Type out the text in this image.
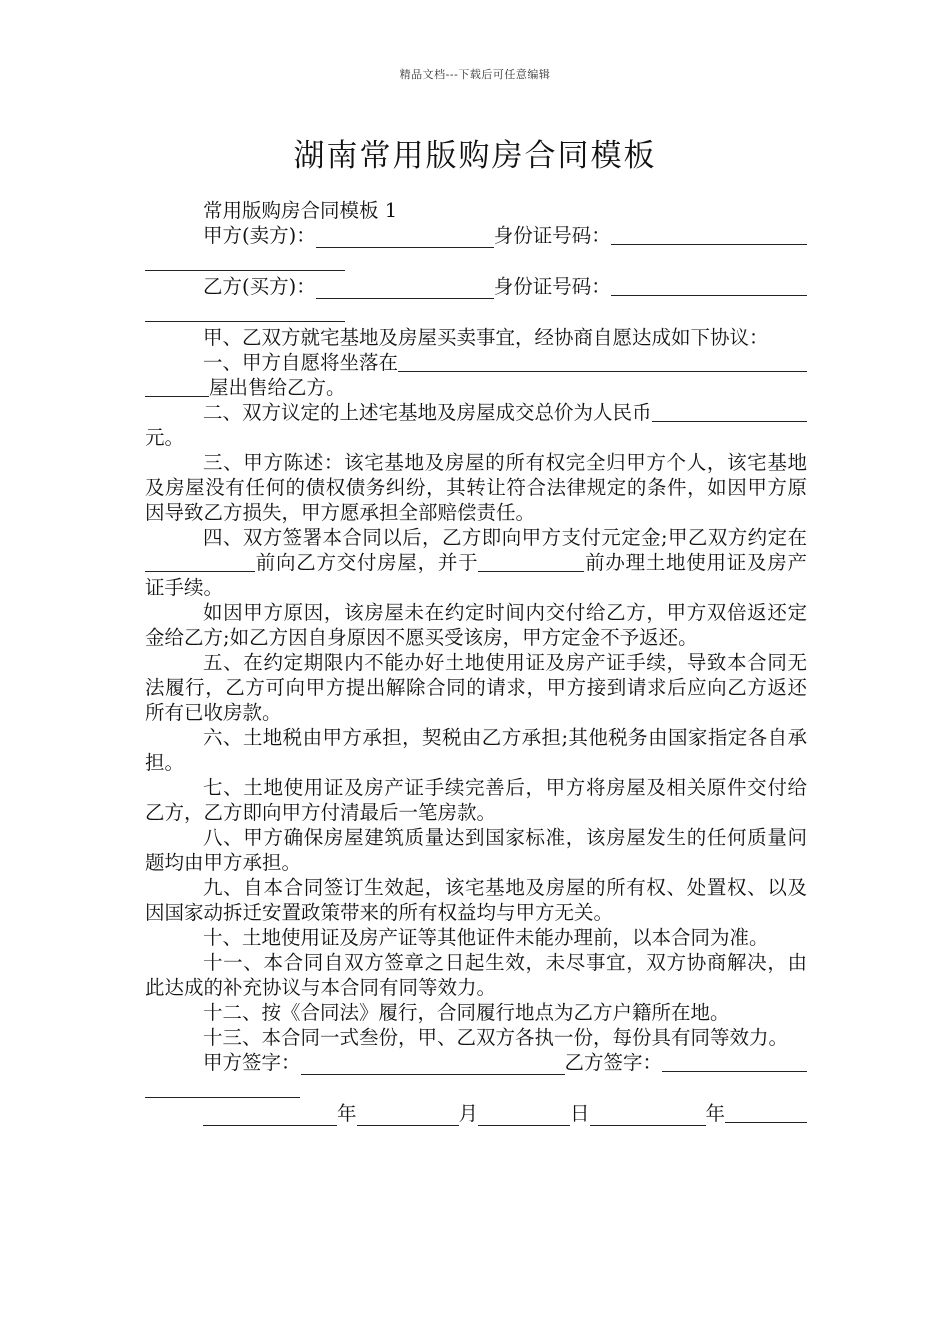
精品文档---下载后可任意编辑
湖南常用版购房合同模板

常用版购房合同模板 1

甲方(卖方)：	身份证号码：
乙方(买方)：	身份证号码：

甲、乙双方就宅基地及房屋买卖事宜，经协商自愿达成如下协议：

一、甲方自愿将坐落在

屋出售给乙方。

二、双方议定的上述宅基地及房屋成交总价为人民币

元。

三、甲方陈述：该宅基地及房屋的所有权完全归甲方个人，该宅基地及房屋没有任何的债权债务纠纷，其转让符合法律规定的条件，如因甲方原因导致乙方损失，甲方愿承担全部赔偿责任。

四、双方签署本合同以后，乙方即向甲方支付元定金;甲乙双方约定在前向乙方交付房屋，并于	前办理土地使用证及房产证手续。

如因甲方原因，该房屋未在约定时间内交付给乙方，甲方双倍返还定金给乙方;如乙方因自身原因不愿买受该房，甲方定金不予返还。

五、在约定期限内不能办好土地使用证及房产证手续，导致本合同无法履行，乙方可向甲方提出解除合同的请求，甲方接到请求后应向乙方返还所有已收房款。

六、土地税由甲方承担，契税由乙方承担;其他税务由国家指定各自承担。

七、土地使用证及房产证手续完善后，甲方将房屋及相关原件交付给乙方，乙方即向甲方付清最后一笔房款。

八、甲方确保房屋建筑质量达到国家标准，该房屋发生的任何质量问题均由甲方承担。

九、自本合同签订生效起，该宅基地及房屋的所有权、处置权、以及因国家动拆迁安置政策带来的所有权益均与甲方无关。

十、土地使用证及房产证等其他证件未能办理前，以本合同为准。

十一、本合同自双方签章之日起生效，未尽事宜，双方协商解决，由此达成的补充协议与本合同有同等效力。

十二、按《合同法》履行，合同履行地点为乙方户籍所在地。

十三、本合同一式叁份，甲、乙双方各执一份，每份具有同等效力。

甲方签字：	乙方签字：
年	月	日	年
